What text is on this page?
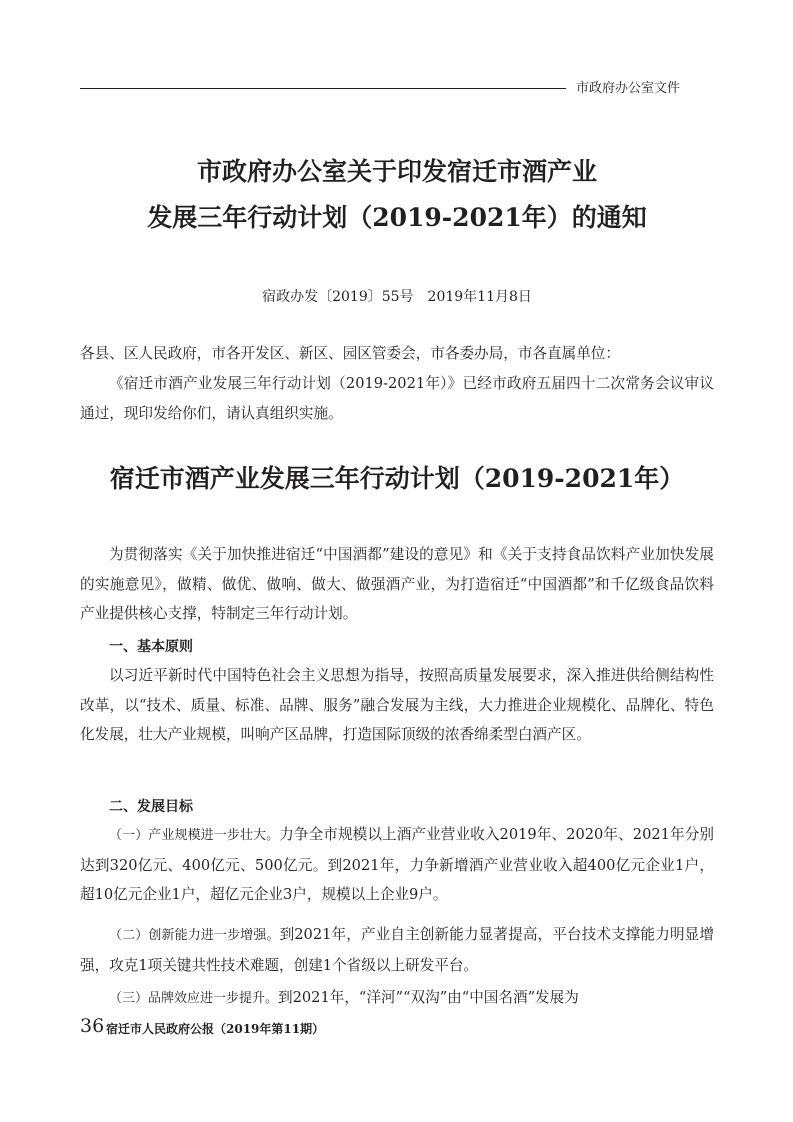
市政府办公室文件
市政府办公室关于印发宿迁市酒产业
发展三年行动计划（2019-2021年）的通知
宿政办发〔2019〕55号　2019年11月8日

各县、区人民政府，市各开发区、新区、园区管委会，市各委办局，市各直属单位：

《宿迁市酒产业发展三年行动计划（2019-2021年）》已经市政府五届四十二次常务会议审议通过，现印发给你们，请认真组织实施。

宿迁市酒产业发展三年行动计划（2019-2021年）

为贯彻落实《关于加快推进宿迁“中国酒都”建设的意见》和《关于支持食品饮料产业加快发展的实施意见》，做精、做优、做响、做大、做强酒产业，为打造宿迁“中国酒都”和千亿级食品饮料产业提供核心支撑，特制定三年行动计划。

一、基本原则

以习近平新时代中国特色社会主义思想为指导，按照高质量发展要求，深入推进供给侧结构性改革，以“技术、质量、标准、品牌、服务”融合发展为主线，大力推进企业规模化、品牌化、特色化发展，壮大产业规模，叫响产区品牌，打造国际顶级的浓香绵柔型白酒产区。

二、发展目标

（一）产业规模进一步壮大。力争全市规模以上酒产业营业收入2019年、2020年、2021年分别达到320亿元、400亿元、500亿元。到2021年，力争新增酒产业营业收入超400亿元企业1户，超10亿元企业1户，超亿元企业3户，规模以上企业9户。

（二）创新能力进一步增强。到2021年，产业自主创新能力显著提高，平台技术支撑能力明显增强，攻克1项关键共性技术难题，创建1个省级以上研发平台。

（三）品牌效应进一步提升。到2021年，“洋河”“双沟”由“中国名酒”发展为

36 宿迁市人民政府公报（2019年第11期）
